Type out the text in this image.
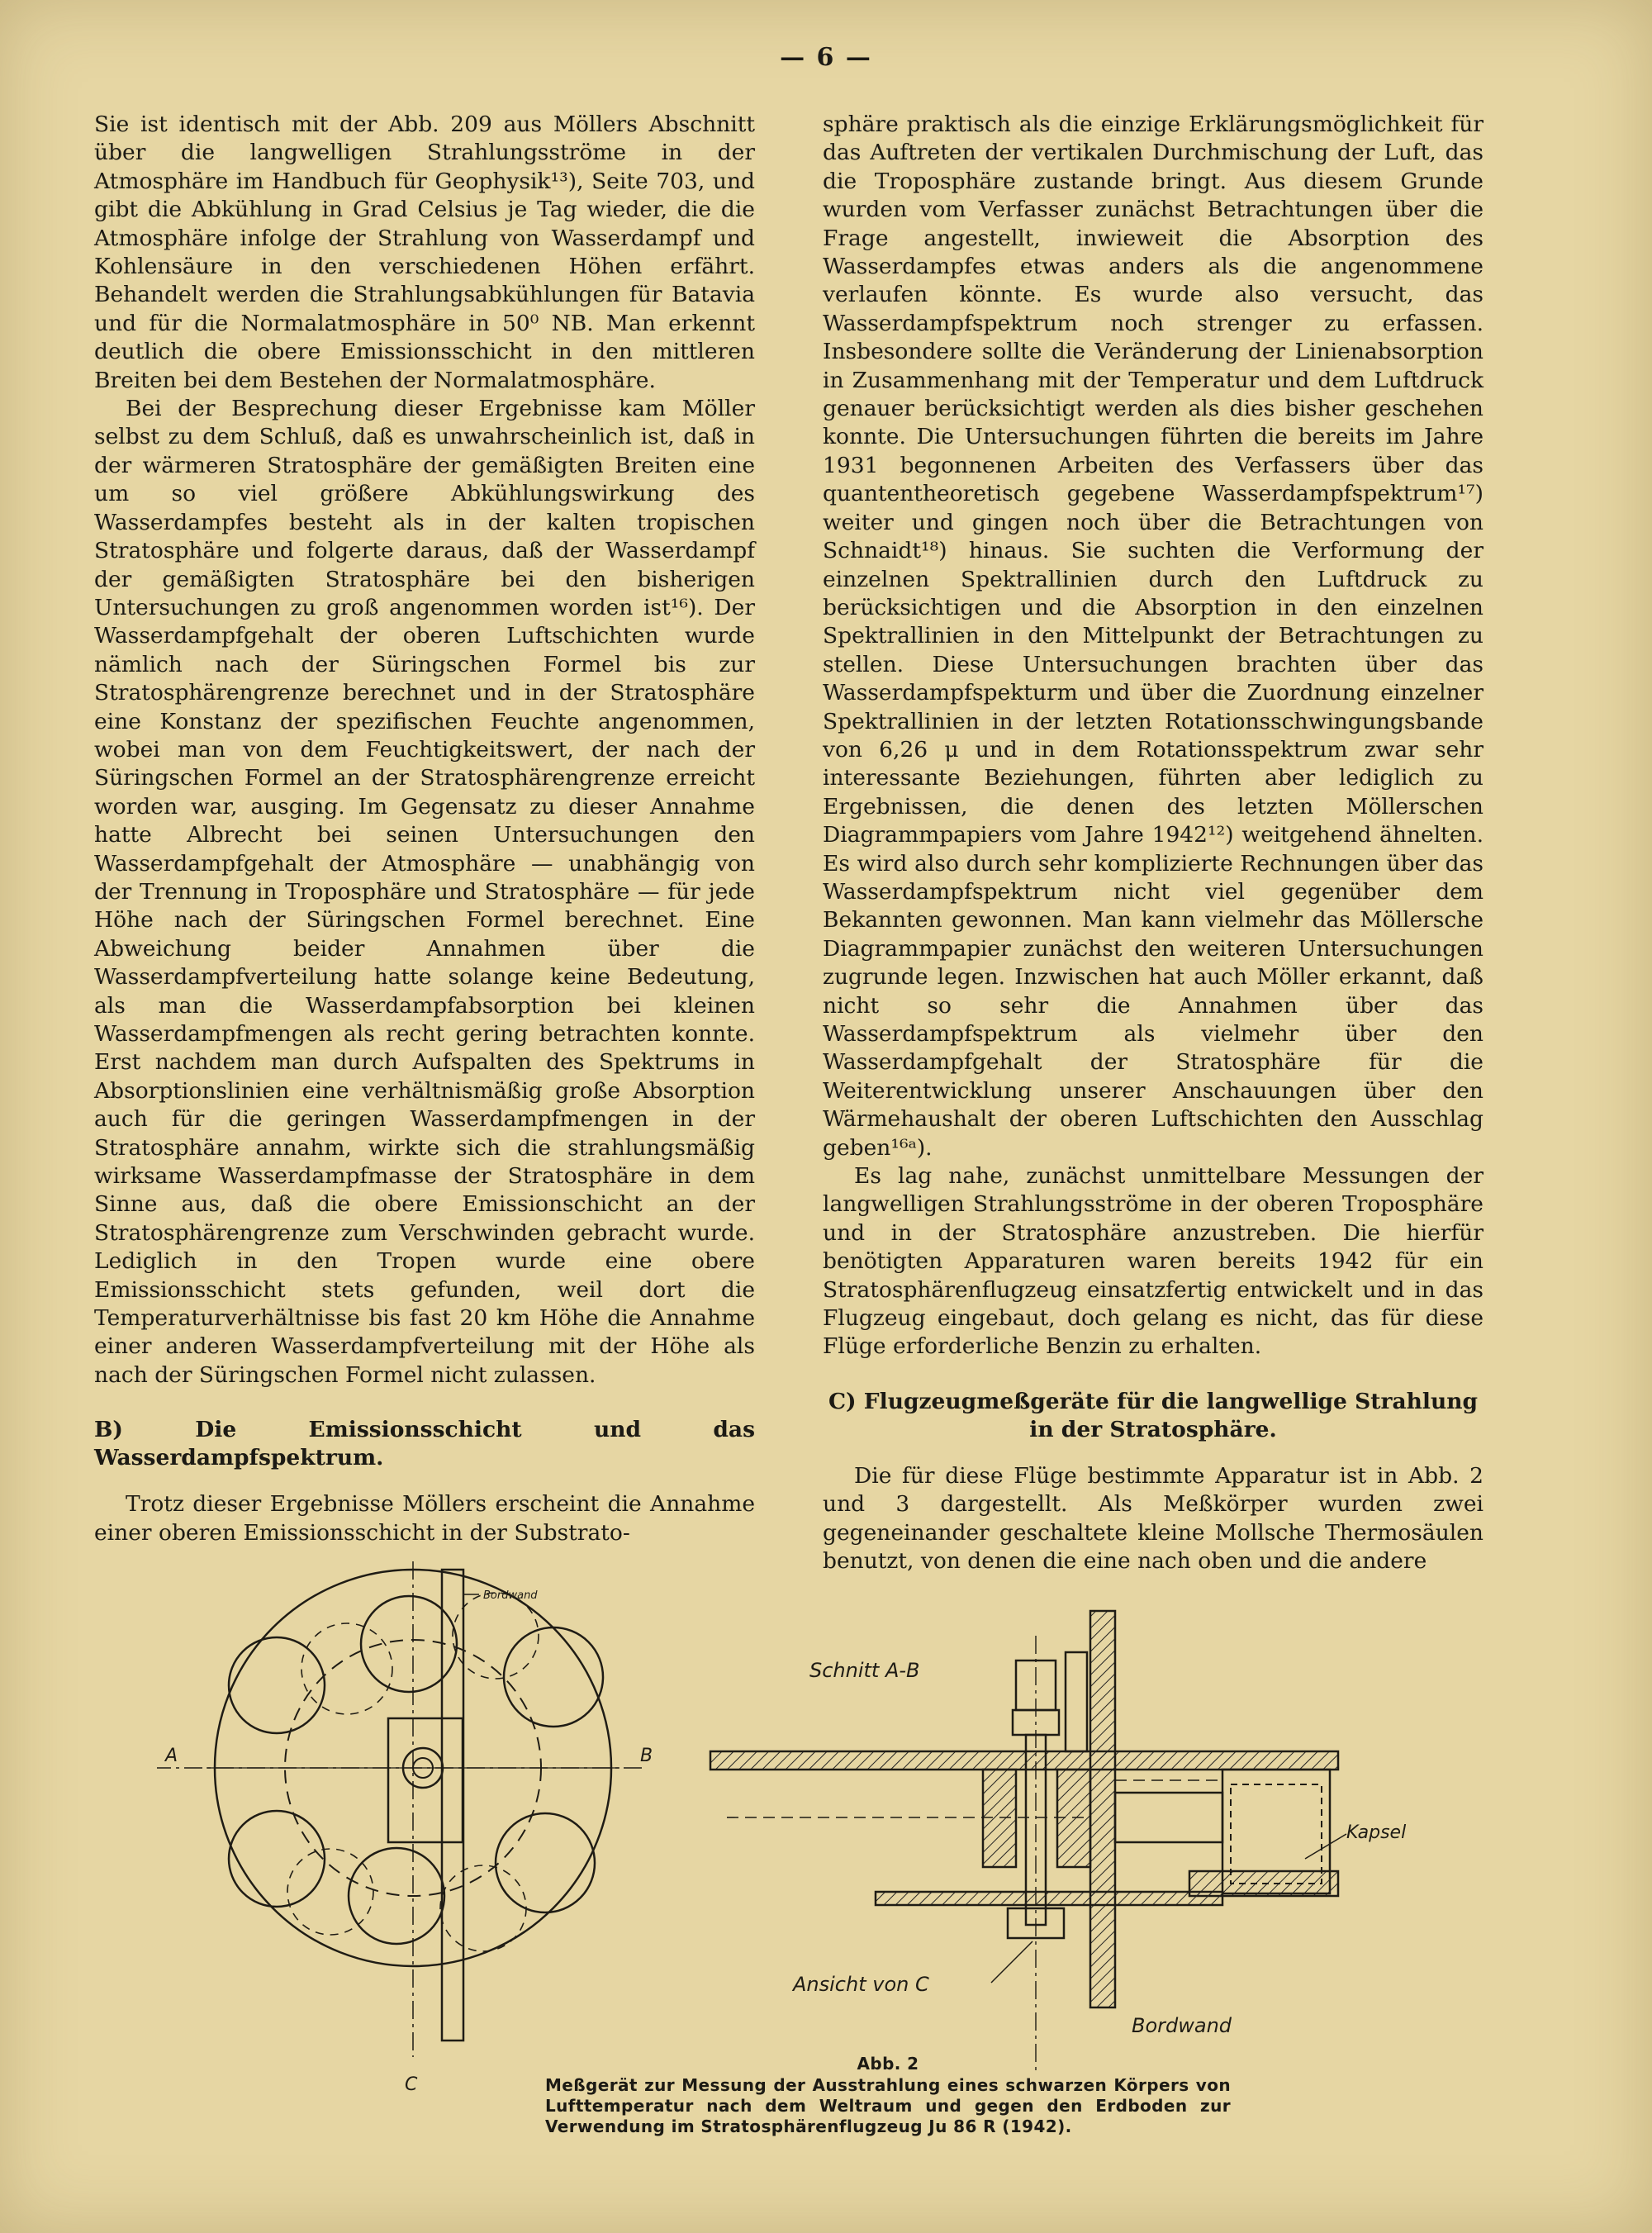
— 6 —

Sie ist identisch mit der Abb. 209 aus Möllers Abschnitt über die langwelligen Strahlungsströme in der Atmosphäre im Handbuch für Geophysik¹³), Seite 703, und gibt die Abkühlung in Grad Celsius je Tag wieder, die die Atmosphäre infolge der Strahlung von Wasserdampf und Kohlensäure in den verschiedenen Höhen erfährt. Behandelt werden die Strahlungsabkühlungen für Batavia und für die Normalatmosphäre in 50⁰ NB. Man erkennt deutlich die obere Emissionsschicht in den mittleren Breiten bei dem Bestehen der Normalatmosphäre.

Bei der Besprechung dieser Ergebnisse kam Möller selbst zu dem Schluß, daß es unwahrscheinlich ist, daß in der wärmeren Stratosphäre der gemäßigten Breiten eine um so viel größere Abkühlungswirkung des Wasserdampfes besteht als in der kalten tropischen Stratosphäre und folgerte daraus, daß der Wasserdampf der gemäßigten Stratosphäre bei den bisherigen Untersuchungen zu groß angenommen worden ist¹⁶). Der Wasserdampfgehalt der oberen Luftschichten wurde nämlich nach der Süringschen Formel bis zur Stratosphärengrenze berechnet und in der Stratosphäre eine Konstanz der spezifischen Feuchte angenommen, wobei man von dem Feuchtigkeitswert, der nach der Süringschen Formel an der Stratosphärengrenze erreicht worden war, ausging. Im Gegensatz zu dieser Annahme hatte Albrecht bei seinen Untersuchungen den Wasserdampfgehalt der Atmosphäre — unabhängig von der Trennung in Troposphäre und Stratosphäre — für jede Höhe nach der Süringschen Formel berechnet. Eine Abweichung beider Annahmen über die Wasserdampfverteilung hatte solange keine Bedeutung, als man die Wasserdampfabsorption bei kleinen Wasserdampfmengen als recht gering betrachten konnte. Erst nachdem man durch Aufspalten des Spektrums in Absorptionslinien eine verhältnismäßig große Absorption auch für die geringen Wasserdampfmengen in der Stratosphäre annahm, wirkte sich die strahlungsmäßig wirksame Wasserdampfmasse der Stratosphäre in dem Sinne aus, daß die obere Emissionschicht an der Stratosphärengrenze zum Verschwinden gebracht wurde. Lediglich in den Tropen wurde eine obere Emissionsschicht stets gefunden, weil dort die Temperaturverhältnisse bis fast 20 km Höhe die Annahme einer anderen Wasserdampfverteilung mit der Höhe als nach der Süringschen Formel nicht zulassen.

B) Die Emissionsschicht und das Wasserdampfspektrum.

Trotz dieser Ergebnisse Möllers erscheint die Annahme einer oberen Emissionsschicht in der Substrato-

sphäre praktisch als die einzige Erklärungsmöglichkeit für das Auftreten der vertikalen Durchmischung der Luft, das die Troposphäre zustande bringt. Aus diesem Grunde wurden vom Verfasser zunächst Betrachtungen über die Frage angestellt, inwieweit die Absorption des Wasserdampfes etwas anders als die angenommene verlaufen könnte. Es wurde also versucht, das Wasserdampfspektrum noch strenger zu erfassen. Insbesondere sollte die Veränderung der Linienabsorption in Zusammenhang mit der Temperatur und dem Luftdruck genauer berücksichtigt werden als dies bisher geschehen konnte. Die Untersuchungen führten die bereits im Jahre 1931 begonnenen Arbeiten des Verfassers über das quantentheoretisch gegebene Wasserdampfspektrum¹⁷) weiter und gingen noch über die Betrachtungen von Schnaidt¹⁸) hinaus. Sie suchten die Verformung der einzelnen Spektrallinien durch den Luftdruck zu berücksichtigen und die Absorption in den einzelnen Spektrallinien in den Mittelpunkt der Betrachtungen zu stellen. Diese Untersuchungen brachten über das Wasserdampfspekturm und über die Zuordnung einzelner Spektrallinien in der letzten Rotationsschwingungsbande von 6,26 μ und in dem Rotationsspektrum zwar sehr interessante Beziehungen, führten aber lediglich zu Ergebnissen, die denen des letzten Möllerschen Diagrammpapiers vom Jahre 1942¹²) weitgehend ähnelten. Es wird also durch sehr komplizierte Rechnungen über das Wasserdampfspektrum nicht viel gegenüber dem Bekannten gewonnen. Man kann vielmehr das Möllersche Diagrammpapier zunächst den weiteren Untersuchungen zugrunde legen. Inzwischen hat auch Möller erkannt, daß nicht so sehr die Annahmen über das Wasserdampfspektrum als vielmehr über den Wasserdampfgehalt der Stratosphäre für die Weiterentwicklung unserer Anschauungen über den Wärmehaushalt der oberen Luftschichten den Ausschlag geben¹⁶ᵃ).

Es lag nahe, zunächst unmittelbare Messungen der langwelligen Strahlungsströme in der oberen Troposphäre und in der Stratosphäre anzustreben. Die hierfür benötigten Apparaturen waren bereits 1942 für ein Stratosphärenflugzeug einsatzfertig entwickelt und in das Flugzeug eingebaut, doch gelang es nicht, das für diese Flüge erforderliche Benzin zu erhalten.

C) Flugzeugmeßgeräte für die langwellige Strahlung in der Stratosphäre.

Die für diese Flüge bestimmte Apparatur ist in Abb. 2 und 3 dargestellt. Als Meßkörper wurden zwei gegeneinander geschaltete kleine Mollsche Thermosäulen benutzt, von denen die eine nach oben und die andere

Bordwand
A	B
C
Schnitt A-B
Kapsel
Ansicht von C
Bordwand
Abb. 2
Meßgerät zur Messung der Ausstrahlung eines schwarzen Körpers von Lufttemperatur nach dem Weltraum und gegen den Erdboden zur Verwendung im Stratosphärenflugzeug Ju 86 R (1942).
